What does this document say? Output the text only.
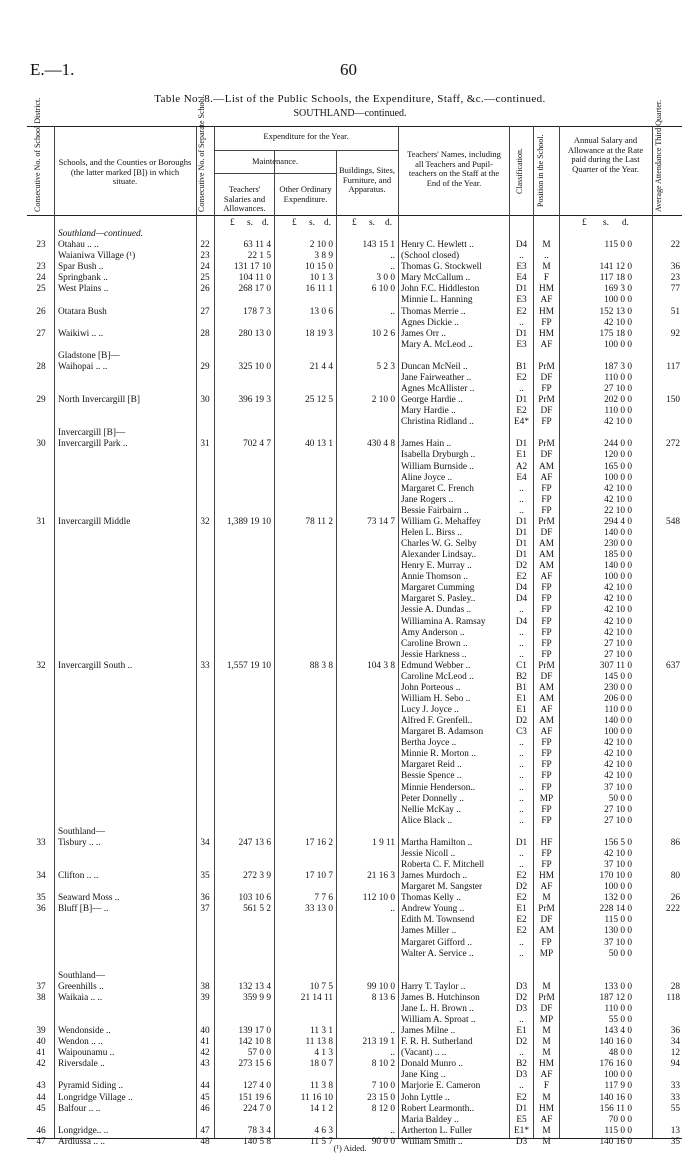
E.—1.	60
Table No. 8.—List of the Public Schools, the Expenditure, Staff, &c.—continued.
SOUTHLAND—continued.
Consecutive No. of School District. Schools, and the Counties or Boroughs (the latter marked [B]) in which situate.	Consecutive No. of Separate School.	Expenditure for the Year.
Maintenance.
Teachers' Salaries and Allowances.
Other Ordinary Expenditure.
Buildings, Sites, Furniture, and Apparatus.
Teachers' Names, including all Teachers and Pupil-teachers on the Staff at the End of the Year.	Classification. Position in the School.	Annual Salary and Allowance at the Rate paid during the Last Quarter of the Year.	Average Attendance Third Quarter.
£ s. d. £ s. d. £ s. d.	£ s. d.
Southland—continued.
23	Otahau .. ..	22	63 11 4	2 10 0	143 15 1 Henry C. Hewlett ..	D4	M	115 0 0	22
Waianiwa Village (¹)	23	22 1 5	3 8 9	.. (School closed)	..	..
23	Spar Bush ..	24	131 17 10	10 15 0	.. Thomas G. Stockwell	E3	M	141 12 0	36
24	Springbank ..	25	104 11 0	10 1 3	3 0 0 Mary McCallum ..	E4	F	117 18 0	23
25	West Plains ..	26	268 17 0	16 11 1	6 10 0 John F.C. Hiddleston	D1	HM	169 3 0	77
Minnie L. Hanning	E3	AF	100 0 0
26	Otatara Bush	27	178 7 3	13 0 6	.. Thomas Merrie ..	E2	HM	152 13 0	51
Agnes Dickie ..	..	FP	42 10 0
27	Waikiwi .. ..	28	280 13 0	18 19 3	10 2 6 James Orr ..	D1	HM	175 18 0	92
Mary A. McLeod ..	E3	AF	100 0 0
Gladstone [B]—
28	Waihopai .. ..	29	325 10 0	21 4 4	5 2 3 Duncan McNeil ..	B1	PrM	187 3 0	117
Jane Fairweather ..	E2	DF	110 0 0
Agnes McAllister ..	..	FP	27 10 0
29	North Invercargill [B]	30	396 19 3	25 12 5	2 10 0 George Hardie ..	D1	PrM	202 0 0	150
Mary Hardie ..	E2	DF	110 0 0
Christina Ridland ..	E4*	FP	42 10 0
Invercargill [B]—
30	Invercargill Park ..	31	702 4 7	40 13 1	430 4 8 James Hain ..	D1	PrM	244 0 0	272
Isabella Dryburgh ..	E1	DF	120 0 0
William Burnside ..	A2	AM	165 0 0
Aline Joyce ..	E4	AF	100 0 0
Margaret C. French	..	FP	42 10 0
Jane Rogers ..	..	FP	42 10 0
Bessie Fairbairn ..	..	FP	22 10 0
31	Invercargill Middle	32	1,389 19 10	78 11 2	73 14 7 William G. Mehaffey	D1	PrM	294 4 0	548
Helen L. Birss ..	D1	DF	140 0 0
Charles W. G. Selby	D1	AM	230 0 0
Alexander Lindsay..	D1	AM	185 0 0
Henry E. Murray ..	D2	AM	140 0 0
Annie Thomson ..	E2	AF	100 0 0
Margaret Cumming	D4	FP	42 10 0
Margaret S. Pasley..	D4	FP	42 10 0
Jessie A. Dundas ..	..	FP	42 10 0
Williamina A. Ramsay	D4	FP	42 10 0
Amy Anderson ..	..	FP	42 10 0
Caroline Brown ..	..	FP	27 10 0
Jessie Harkness ..	..	FP	27 10 0
32	Invercargill South ..	33	1,557 19 10	88 3 8	104 3 8 Edmund Webber ..	C1	PrM	307 11 0	637
Caroline McLeod ..	B2	DF	145 0 0
John Porteous ..	B1	AM	230 0 0
William H. Sebo ..	E1	AM	206 0 0
Lucy J. Joyce ..	E1	AF	110 0 0
Alfred F. Grenfell..	D2	AM	140 0 0
Margaret B. Adamson	C3	AF	100 0 0
Bertha Joyce ..	..	FP	42 10 0
Minnie R. Morton ..	..	FP	42 10 0
Margaret Reid ..	..	FP	42 10 0
Bessie Spence ..	..	FP	42 10 0
Minnie Henderson..	..	FP	37 10 0
Peter Donnelly ..	..	MP	50 0 0
Nellie McKay ..	..	FP	27 10 0
Alice Black ..	..	FP	27 10 0
Southland—
33	Tisbury .. ..	34	247 13 6	17 16 2	1 9 11 Martha Hamilton ..	D1	HF	156 5 0	86
Jessie Nicoll ..	..	FP	42 10 0
Roberta C. F. Mitchell	..	FP	37 10 0
34	Clifton .. ..	35	272 3 9	17 10 7	21 16 3 James Murdoch ..	E2	HM	170 10 0	80
Margaret M. Sangster	D2	AF	100 0 0
35	Seaward Moss ..	36	103 10 6	7 7 6	112 10 0 Thomas Kelly ..	E2	M	132 0 0	26
36	Bluff [B]— ..	37	561 5 2	33 13 0	.. Andrew Young ..	E1	PrM	228 14 0	222
Edith M. Townsend	E2	DF	115 0 0
James Miller ..	E2	AM	130 0 0
Margaret Gifford ..	..	FP	37 10 0
Walter A. Service ..	..	MP	50 0 0
Southland—
37	Greenhills ..	38	132 13 4	10 7 5	99 10 0 Harry T. Taylor ..	D3	M	133 0 0	28
38	Waikaia .. ..	39	359 9 9	21 14 11	8 13 6 James B. Hutchinson	D2	PrM	187 12 0	118
Jane L. H. Brown ..	D3	DF	110 0 0
William A. Sproat ..	..	MP	55 0 0
39	Wendonside ..	40	139 17 0	11 3 1	.. James Milne ..	E1	M	143 4 0	36
40	Wendon .. ..	41	142 10 8	11 13 8	213 19 1 F. R. H. Sutherland	D2	M	140 16 0	34
41	Waipounamu ..	42	57 0 0	4 1 3	.. (Vacant) .. ..	..	M	48 0 0	12
42	Riversdale ..	43	273 15 6	18 0 7	8 10 2 Donald Munro ..	B2	HM	176 16 0	94
Jane King ..	D3	AF	100 0 0
43	Pyramid Siding ..	44	127 4 0	11 3 8	7 10 0 Marjorie E. Cameron	..	F	117 9 0	33
44	Longridge Village ..	45	151 19 6	11 16 10	23 15 0 John Lyttle ..	E2	M	140 16 0	33
45	Balfour .. ..	46	224 7 0	14 1 2	8 12 0 Robert Learmonth..	D1	HM	156 11 0	55
Maria Baldey ..	E5	AF	70 0 0
46	Longridge.. ..	47	78 3 4	4 6 3	.. Artherton L. Fuller	E1*	M	115 0 0	13
47	Ardlussa .. ..	48	140 5 8	11 5 7	90 0 0 William Smith ..	D3	M	140 16 0	35
(¹) Aided.
